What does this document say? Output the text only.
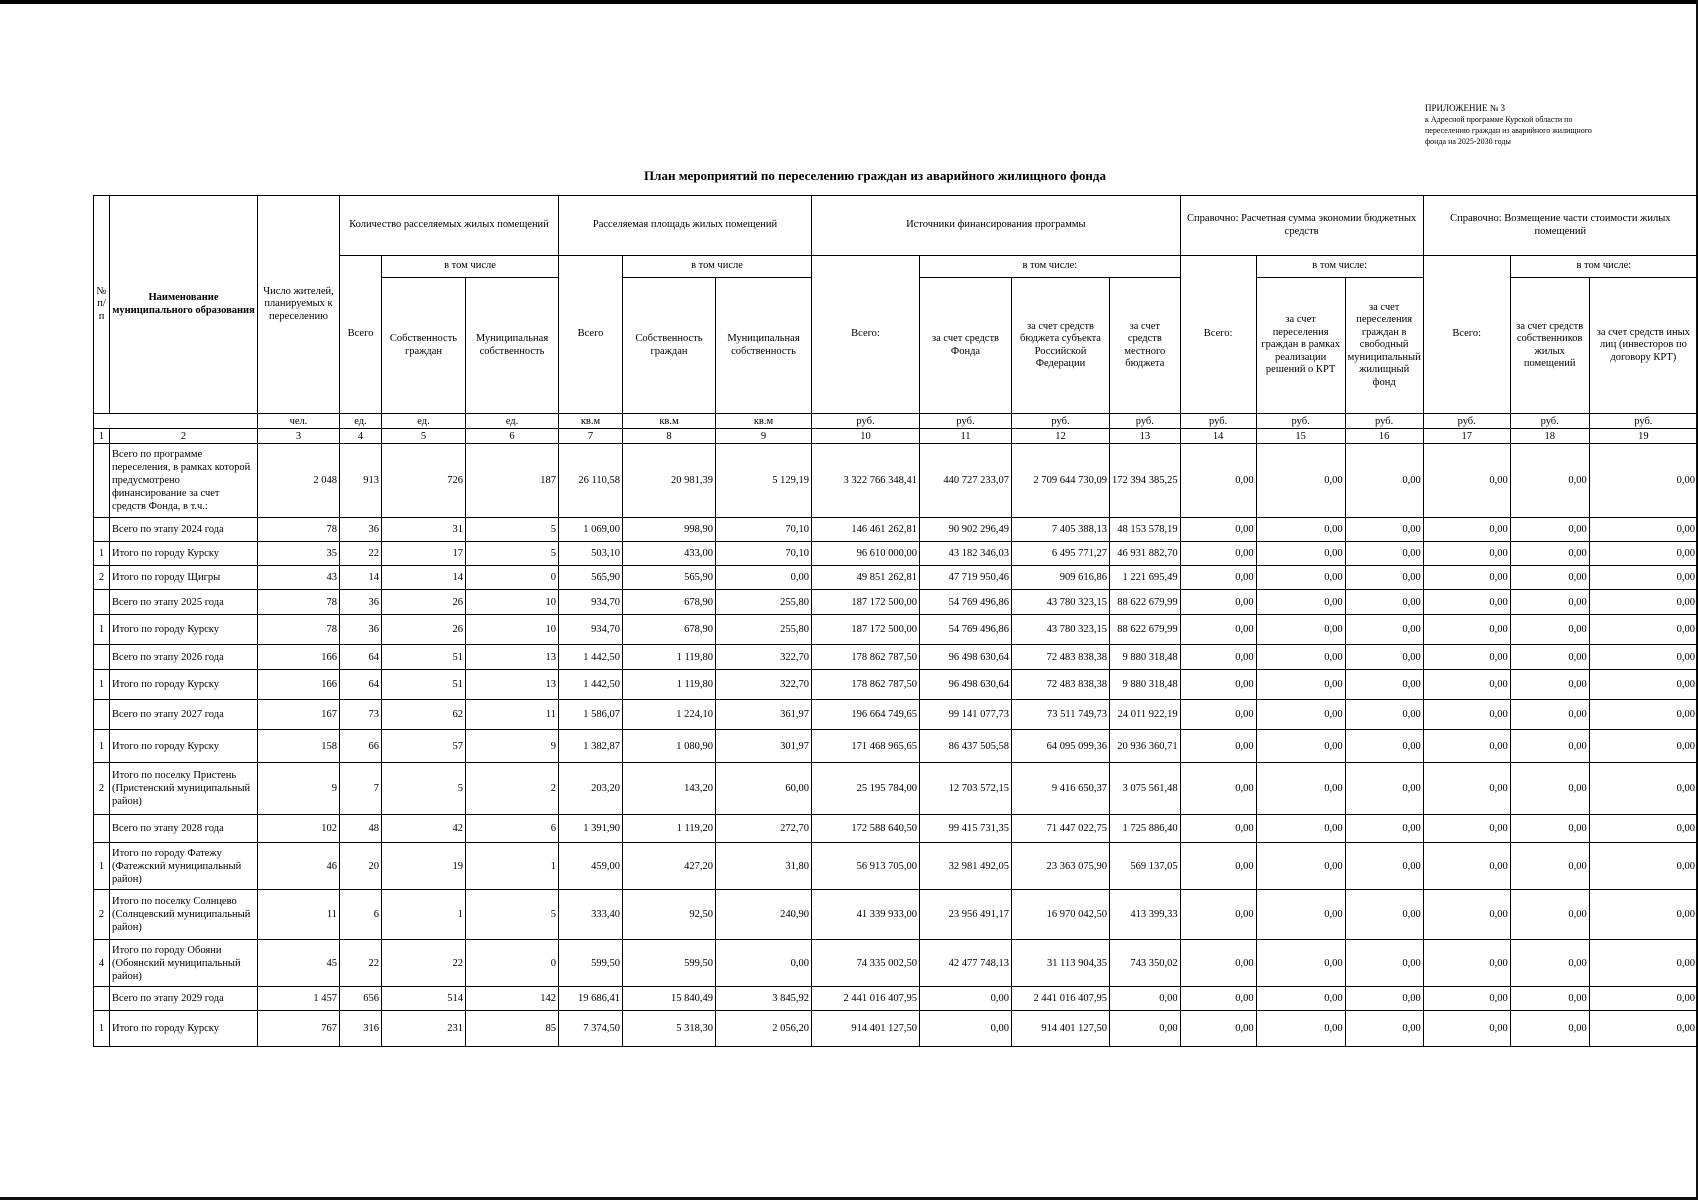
ПРИЛОЖЕНИЕ № 3
к Адресной программе Курской области по
переселению граждан из аварийного жилищного
фонда на 2025-2030 годы
План мероприятий по переселению граждан из аварийного жилищного фонда
№ п/п	Наименование муниципального образования	Число жителей, планируемых к переселению	Количество расселяемых жилых помещений			Расселяемая площадь жилых помещений			Источники финансирования программы				Справочно: Расчетная сумма экономии бюджетных средств			Справочно: Возмещение части стоимости жилых помещений		
			Всего	в том числе		Всего	в том числе		Всего:	в том числе:			Всего:	в том числе:		Всего:	в том числе:	
				Собственность граждан	Муниципальная собственность		Собственность граждан	Муниципальная собственность		за счет средств Фонда	за счет средств бюджета субъекта Российской Федерации	за счет средств местного бюджета		за счет переселения граждан в рамках реализации решений о КРТ	за счет переселения граждан в свободный муниципальный жилищный фонд		за счет средств собственников жилых помещений	за счет средств иных лиц (инвесторов по договору КРТ)
		чел.	ед.	ед.	ед.	кв.м	кв.м	кв.м	руб.	руб.	руб.	руб.	руб.	руб.	руб.	руб.	руб.	руб.
1	2	3	4	5	6	7	8	9	10	11	12	13	14	15	16	17	18	19
	Всего по программе переселения, в рамках которой предусмотрено финансирование за счет средств Фонда, в т.ч.:	2 048	913	726	187	26 110,58	20 981,39	5 129,19	3 322 766 348,41	440 727 233,07	2 709 644 730,09	172 394 385,25	0,00	0,00	0,00	0,00	0,00	0,00
	Всего по этапу 2024 года	78	36	31	5	1 069,00	998,90	70,10	146 461 262,81	90 902 296,49	7 405 388,13	48 153 578,19	0,00	0,00	0,00	0,00	0,00	0,00
1	Итого по городу Курску	35	22	17	5	503,10	433,00	70,10	96 610 000,00	43 182 346,03	6 495 771,27	46 931 882,70	0,00	0,00	0,00	0,00	0,00	0,00
2	Итого по городу Щигры	43	14	14	0	565,90	565,90	0,00	49 851 262,81	47 719 950,46	909 616,86	1 221 695,49	0,00	0,00	0,00	0,00	0,00	0,00
	Всего по этапу 2025 года	78	36	26	10	934,70	678,90	255,80	187 172 500,00	54 769 496,86	43 780 323,15	88 622 679,99	0,00	0,00	0,00	0,00	0,00	0,00
1	Итого по городу Курску	78	36	26	10	934,70	678,90	255,80	187 172 500,00	54 769 496,86	43 780 323,15	88 622 679,99	0,00	0,00	0,00	0,00	0,00	0,00
	Всего по этапу 2026 года	166	64	51	13	1 442,50	1 119,80	322,70	178 862 787,50	96 498 630,64	72 483 838,38	9 880 318,48	0,00	0,00	0,00	0,00	0,00	0,00
1	Итого по городу Курску	166	64	51	13	1 442,50	1 119,80	322,70	178 862 787,50	96 498 630,64	72 483 838,38	9 880 318,48	0,00	0,00	0,00	0,00	0,00	0,00
	Всего по этапу 2027 года	167	73	62	11	1 586,07	1 224,10	361,97	196 664 749,65	99 141 077,73	73 511 749,73	24 011 922,19	0,00	0,00	0,00	0,00	0,00	0,00
1	Итого по городу Курску	158	66	57	9	1 382,87	1 080,90	301,97	171 468 965,65	86 437 505,58	64 095 099,36	20 936 360,71	0,00	0,00	0,00	0,00	0,00	0,00
2	Итого по поселку Пристень (Пристенский муниципальный район)	9	7	5	2	203,20	143,20	60,00	25 195 784,00	12 703 572,15	9 416 650,37	3 075 561,48	0,00	0,00	0,00	0,00	0,00	0,00
	Всего по этапу 2028 года	102	48	42	6	1 391,90	1 119,20	272,70	172 588 640,50	99 415 731,35	71 447 022,75	1 725 886,40	0,00	0,00	0,00	0,00	0,00	0,00
1	Итого по городу Фатежу (Фатежский муниципальный район)	46	20	19	1	459,00	427,20	31,80	56 913 705,00	32 981 492,05	23 363 075,90	569 137,05	0,00	0,00	0,00	0,00	0,00	0,00
2	Итого по поселку Солнцево (Солнцевский муниципальный район)	11	6	1	5	333,40	92,50	240,90	41 339 933,00	23 956 491,17	16 970 042,50	413 399,33	0,00	0,00	0,00	0,00	0,00	0,00
4	Итого по городу Обояни (Обоянский муниципальный район)	45	22	22	0	599,50	599,50	0,00	74 335 002,50	42 477 748,13	31 113 904,35	743 350,02	0,00	0,00	0,00	0,00	0,00	0,00
	Всего по этапу 2029 года	1 457	656	514	142	19 686,41	15 840,49	3 845,92	2 441 016 407,95	0,00	2 441 016 407,95	0,00	0,00	0,00	0,00	0,00	0,00	0,00
1	Итого по городу Курску	767	316	231	85	7 374,50	5 318,30	2 056,20	914 401 127,50	0,00	914 401 127,50	0,00	0,00	0,00	0,00	0,00	0,00	0,00
